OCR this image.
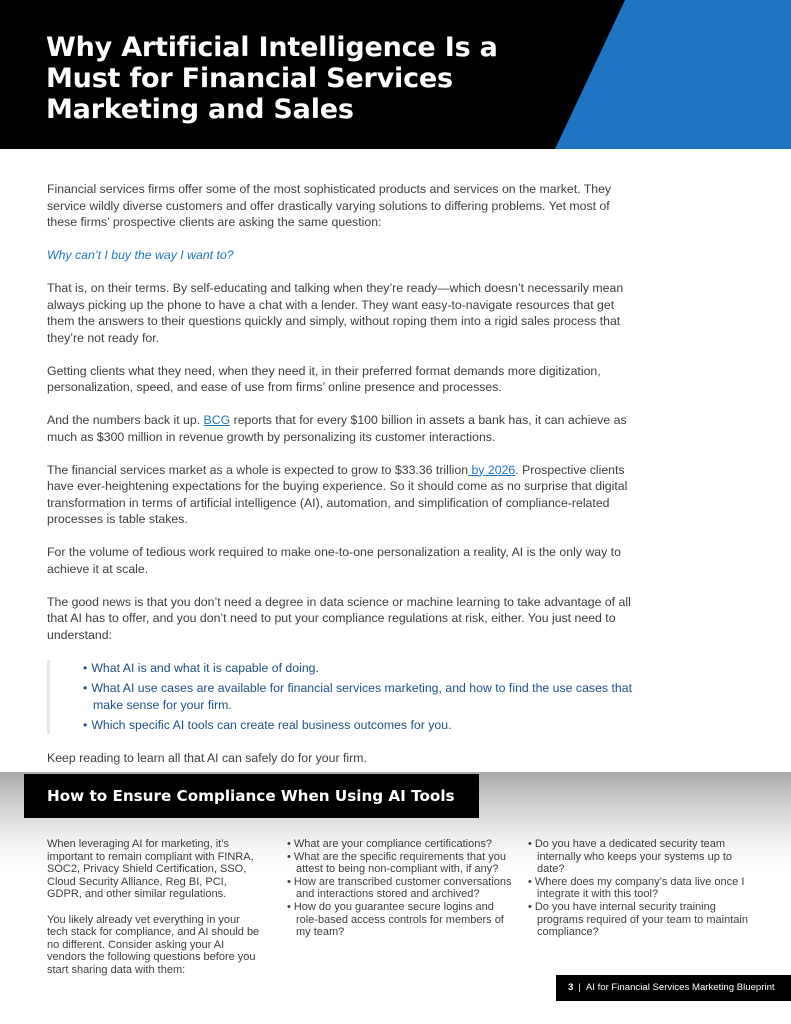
Why Artificial Intelligence Is a Must for Financial Services Marketing and Sales

Financial services firms offer some of the most sophisticated products and services on the market. They service wildly diverse customers and offer drastically varying solutions to differing problems. Yet most of these firms’ prospective clients are asking the same question:

Why can’t I buy the way I want to?

That is, on their terms. By self-educating and talking when they’re ready—which doesn’t necessarily mean always picking up the phone to have a chat with a lender. They want easy-to-navigate resources that get them the answers to their questions quickly and simply, without roping them into a rigid sales process that they’re not ready for.

Getting clients what they need, when they need it, in their preferred format demands more digitization, personalization, speed, and ease of use from firms’ online presence and processes.

And the numbers back it up. BCG reports that for every $100 billion in assets a bank has, it can achieve as much as $300 million in revenue growth by personalizing its customer interactions.

The financial services market as a whole is expected to grow to $33.36 trillion by 2026. Prospective clients have ever-heightening expectations for the buying experience. So it should come as no surprise that digital transformation in terms of artificial intelligence (AI), automation, and simplification of compliance-related processes is table stakes.

For the volume of tedious work required to make one-to-one personalization a reality, AI is the only way to achieve it at scale.

The good news is that you don’t need a degree in data science or machine learning to take advantage of all that AI has to offer, and you don’t need to put your compliance regulations at risk, either. You just need to understand:

• What AI is and what it is capable of doing.
• What AI use cases are available for financial services marketing, and how to find the use cases that make sense for your firm.
• Which specific AI tools can create real business outcomes for you.

Keep reading to learn all that AI can safely do for your firm.

How to Ensure Compliance When Using AI Tools

When leveraging AI for marketing, it’s important to remain compliant with FINRA, SOC2, Privacy Shield Certification, SSO, Cloud Security Alliance, Reg BI, PCI, GDPR, and other similar regulations.

You likely already vet everything in your tech stack for compliance, and AI should be no different. Consider asking your AI vendors the following questions before you start sharing data with them:

• What are your compliance certifications?
• What are the specific requirements that you attest to being non-compliant with, if any?
• How are transcribed customer conversations and interactions stored and archived?
• How do you guarantee secure logins and role-based access controls for members of my team?
• Do you have a dedicated security team internally who keeps your systems up to date?
• Where does my company’s data live once I integrate it with this tool?
• Do you have internal security training programs required of your team to maintain compliance?
3 | AI for Financial Services Marketing Blueprint
